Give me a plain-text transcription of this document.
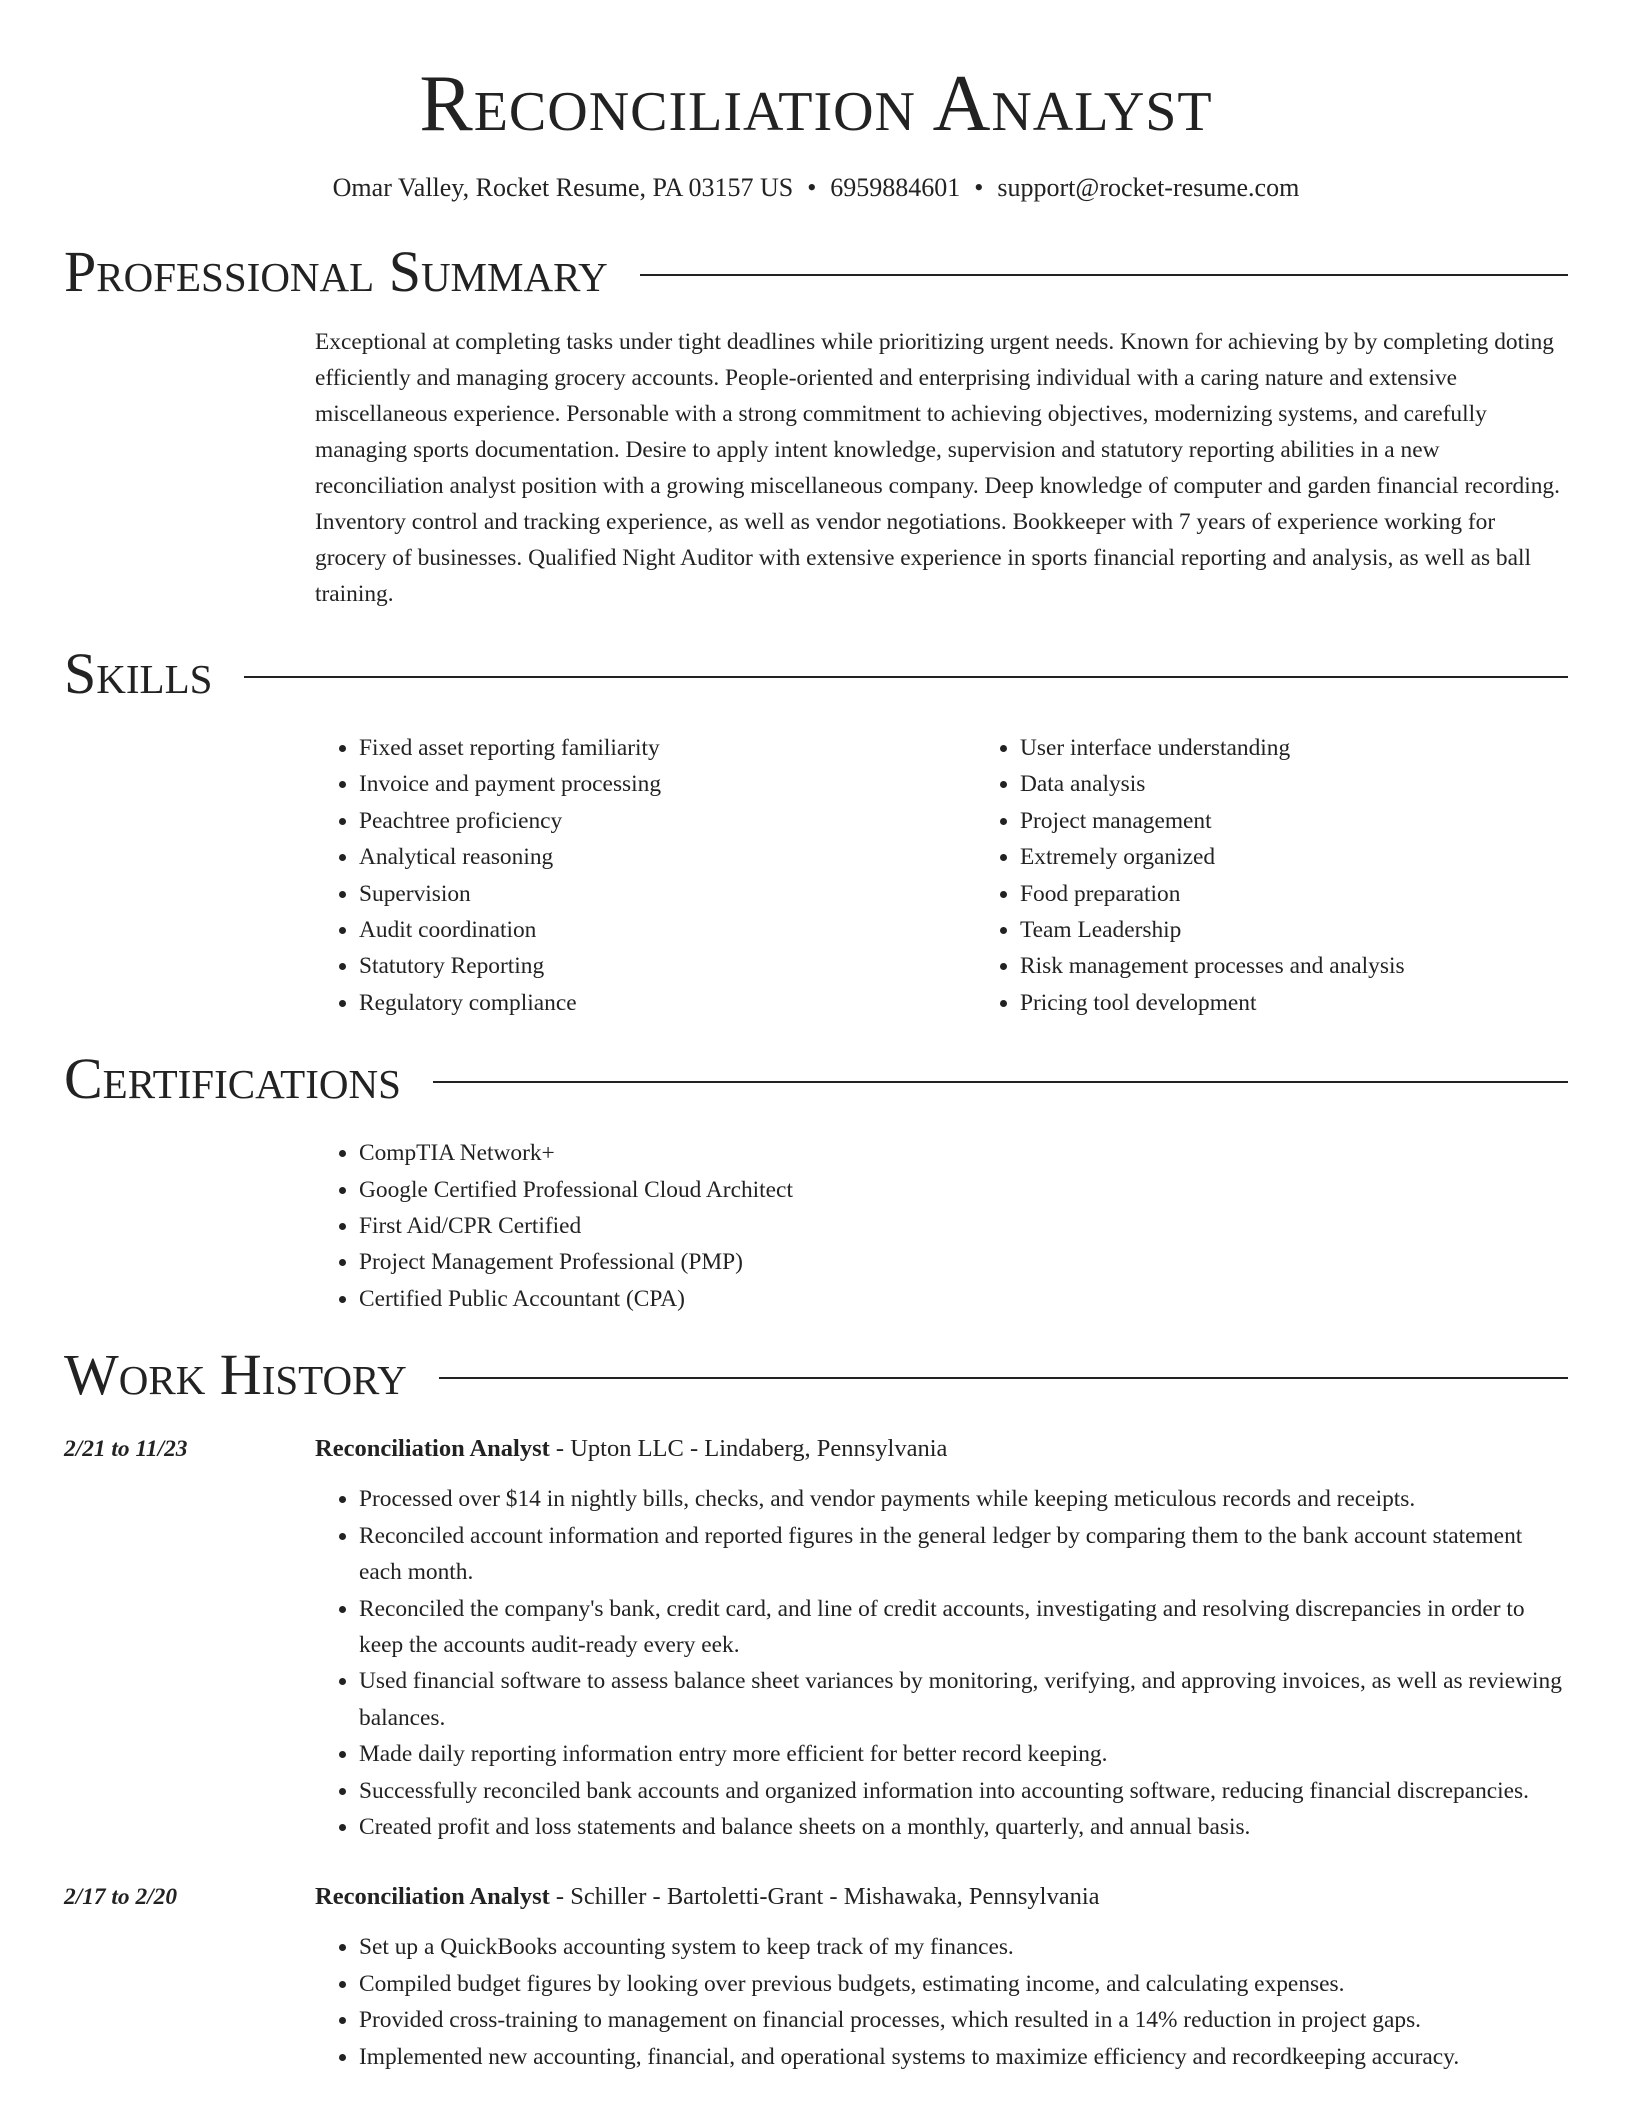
Reconciliation Analyst
Omar Valley, Rocket Resume, PA 03157 US • 6959884601 • support@rocket-resume.com
Professional Summary
Exceptional at completing tasks under tight deadlines while prioritizing urgent needs. Known for achieving by by completing doting efficiently and managing grocery accounts. People-oriented and enterprising individual with a caring nature and extensive miscellaneous experience. Personable with a strong commitment to achieving objectives, modernizing systems, and carefully managing sports documentation. Desire to apply intent knowledge, supervision and statutory reporting abilities in a new reconciliation analyst position with a growing miscellaneous company. Deep knowledge of computer and garden financial recording. Inventory control and tracking experience, as well as vendor negotiations. Bookkeeper with 7 years of experience working for grocery of businesses. Qualified Night Auditor with extensive experience in sports financial reporting and analysis, as well as ball training.
Skills
• Fixed asset reporting familiarity
• Invoice and payment processing
• Peachtree proficiency
• Analytical reasoning
• Supervision
• Audit coordination
• Statutory Reporting
• Regulatory compliance
• User interface understanding
• Data analysis
• Project management
• Extremely organized
• Food preparation
• Team Leadership
• Risk management processes and analysis
• Pricing tool development
Certifications
• CompTIA Network+
• Google Certified Professional Cloud Architect
• First Aid/CPR Certified
• Project Management Professional (PMP)
• Certified Public Accountant (CPA)
Work History
2/21 to 11/23	Reconciliation Analyst - Upton LLC - Lindaberg, Pennsylvania
• Processed over $14 in nightly bills, checks, and vendor payments while keeping meticulous records and receipts.
• Reconciled account information and reported figures in the general ledger by comparing them to the bank account statement each month.
• Reconciled the company's bank, credit card, and line of credit accounts, investigating and resolving discrepancies in order to keep the accounts audit-ready every eek.
• Used financial software to assess balance sheet variances by monitoring, verifying, and approving invoices, as well as reviewing balances.
• Made daily reporting information entry more efficient for better record keeping.
• Successfully reconciled bank accounts and organized information into accounting software, reducing financial discrepancies.
• Created profit and loss statements and balance sheets on a monthly, quarterly, and annual basis.
2/17 to 2/20	Reconciliation Analyst - Schiller - Bartoletti-Grant - Mishawaka, Pennsylvania
• Set up a QuickBooks accounting system to keep track of my finances.
• Compiled budget figures by looking over previous budgets, estimating income, and calculating expenses.
• Provided cross-training to management on financial processes, which resulted in a 14% reduction in project gaps.
• Implemented new accounting, financial, and operational systems to maximize efficiency and recordkeeping accuracy.
